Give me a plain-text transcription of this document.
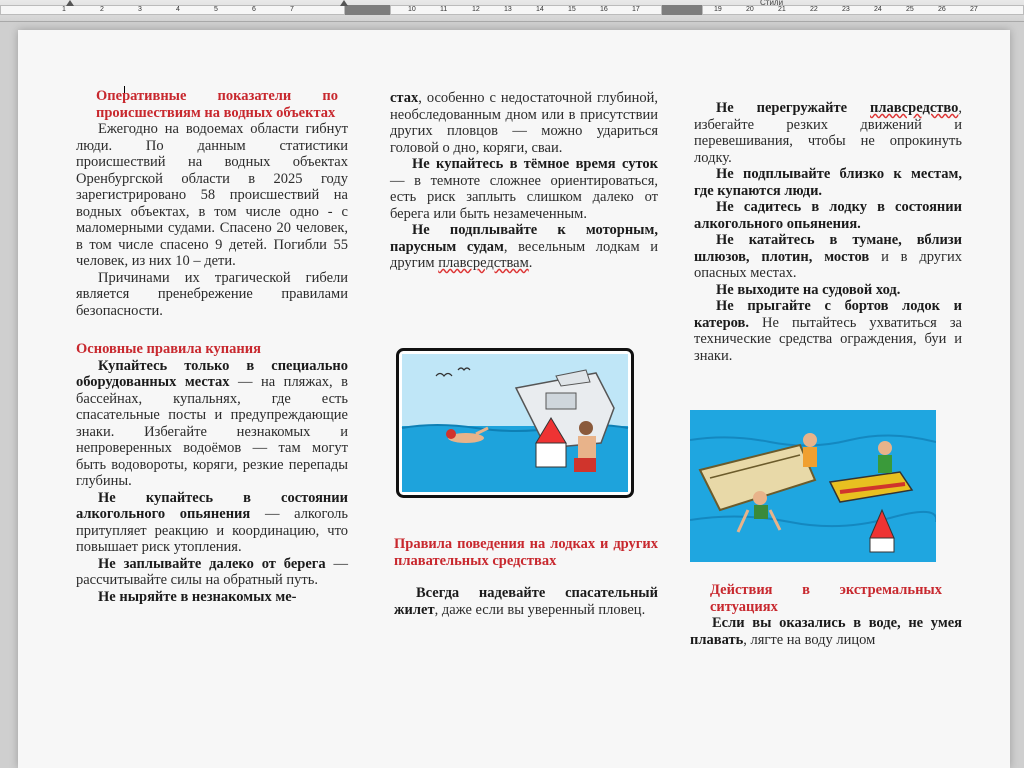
1	2	3	4	5	6	7	10	11	12	13	14	15	16	17	19	20	21	22	23	24	25	26	27
Стили

Оперативные показатели по происшествиям на водных объектах

Ежегодно на водоемах области гибнут люди. По данным статистики происшествий на водных объектах Оренбургской области в 2025 году зарегистрировано 58 происшествий на водных объектах, в том числе одно - с маломерными судами. Спасено 20 человек, в том числе спасено 9 детей. Погибли 55 человек, из них 10 – дети.

Причинами их трагической гибели является пренебрежение правилами безопасности.

Основные правила купания

Купайтесь только в специально оборудованных местах — на пляжах, в бассейнах, купальнях, где есть спасательные посты и предупреждающие знаки. Избегайте незнакомых и непроверенных водоёмов — там могут быть водовороты, коряги, резкие перепады глубины.

Не купайтесь в состоянии алкогольного опьянения — алкоголь притупляет реакцию и координацию, что повышает риск утопления.

Не заплывайте далеко от берега — рассчитывайте силы на обратный путь.

Не ныряйте в незнакомых ме-

стах, особенно с недостаточной глубиной, необследованным дном или в присутствии других пловцов — можно удариться головой о дно, коряги, сваи.

Не купайтесь в тёмное время суток — в темноте сложнее ориентироваться, есть риск заплыть слишком далеко от берега или быть незамеченным.

Не подплывайте к моторным, парусным судам, весельным лодкам и другим плавсредствам.

Правила поведения на лодках и других плавательных средствах

Всегда надевайте спасательный жилет, даже если вы уверенный пловец.

Не перегружайте плавсредство, избегайте резких движений и перевешивания, чтобы не опрокинуть лодку.

Не подплывайте близко к местам, где купаются люди.

Не садитесь в лодку в состоянии алкогольного опьянения.

Не катайтесь в тумане, вблизи шлюзов, плотин, мостов и в других опасных местах.

Не выходите на судовой ход.

Не прыгайте с бортов лодок и катеров. Не пытайтесь ухватиться за технические средства ограждения, буи и знаки.

Действия в экстремальных ситуациях

Если вы оказались в воде, не умея плавать, лягте на воду лицом
